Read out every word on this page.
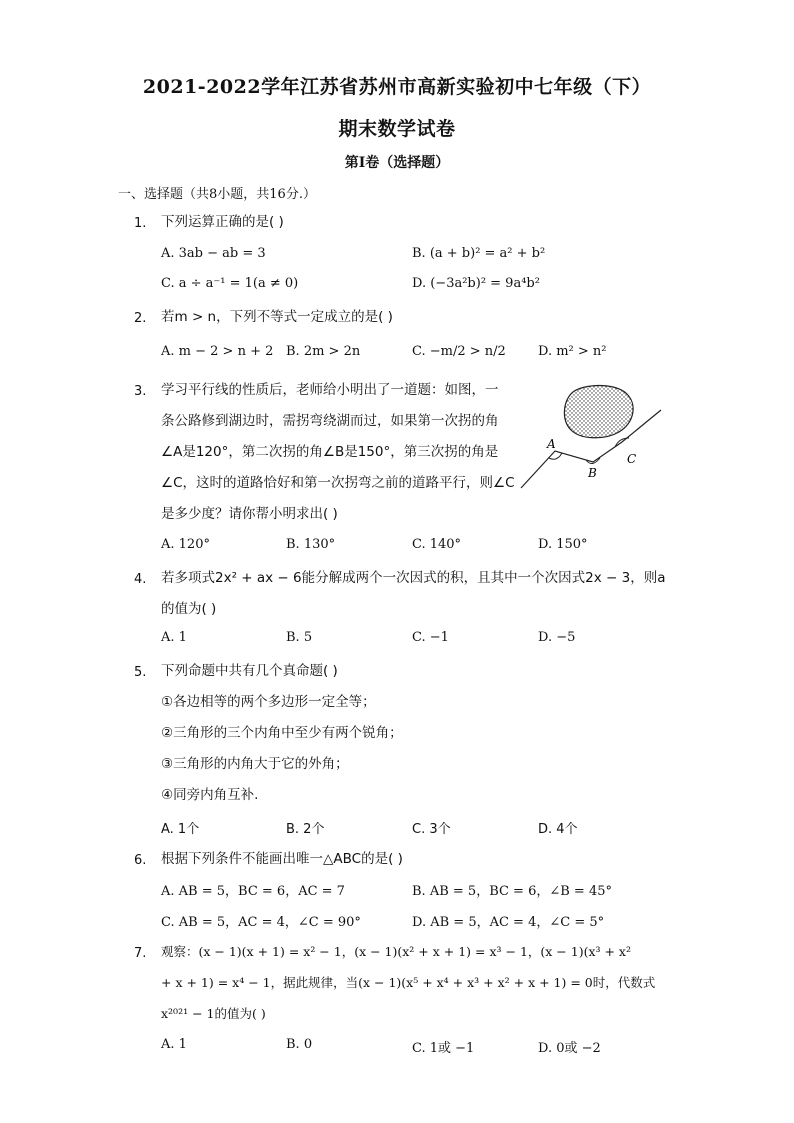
2021-2022学年江苏省苏州市高新实验初中七年级（下）
期末数学试卷
第I卷（选择题）
一、选择题（共8小题，共16分.）
1. 下列运算正确的是( )
A. 3ab − ab = 3	B. (a + b)² = a² + b²
C. a ÷ a⁻¹ = 1(a ≠ 0)	D. (−3a²b)² = 9a⁴b²
2. 若m > n，下列不等式一定成立的是( )
A. m − 2 > n + 2 B. 2m > 2n	C. −m/2 > n/2 D. m² > n²
3. 学习平行线的性质后，老师给小明出了一道题：如图，一
条公路修到湖边时，需拐弯绕湖而过，如果第一次拐的角
∠A是120°，第二次拐的角∠B是150°，第三次拐的角是
∠C，这时的道路恰好和第一次拐弯之前的道路平行，则∠C
是多少度？请你帮小明求出( )
A. 120°	B. 130°	C. 140°	D. 150°
A
B
C
4. 若多项式2x² + ax − 6能分解成两个一次因式的积，且其中一个次因式2x − 3，则a
的值为( )
A. 1	B. 5	C. −1	D. −5
5. 下列命题中共有几个真命题( )
①各边相等的两个多边形一定全等；
②三角形的三个内角中至少有两个锐角；
③三角形的内角大于它的外角；
④同旁内角互补.
A. 1个	B. 2个	C. 3个	D. 4个
6. 根据下列条件不能画出唯一△ABC的是( )
A. AB = 5，BC = 6，AC = 7	B. AB = 5，BC = 6，∠B = 45°
C. AB = 5，AC = 4，∠C = 90°	D. AB = 5，AC = 4，∠C = 5°
7. 观察：(x − 1)(x + 1) = x² − 1，(x − 1)(x² + x + 1) = x³ − 1，(x − 1)(x³ + x²
+ x + 1) = x⁴ − 1，据此规律，当(x − 1)(x⁵ + x⁴ + x³ + x² + x + 1) = 0时，代数式
x²⁰²¹ − 1的值为( )
A. 1	B. 0	C. 1或 −1	D. 0或 −2
